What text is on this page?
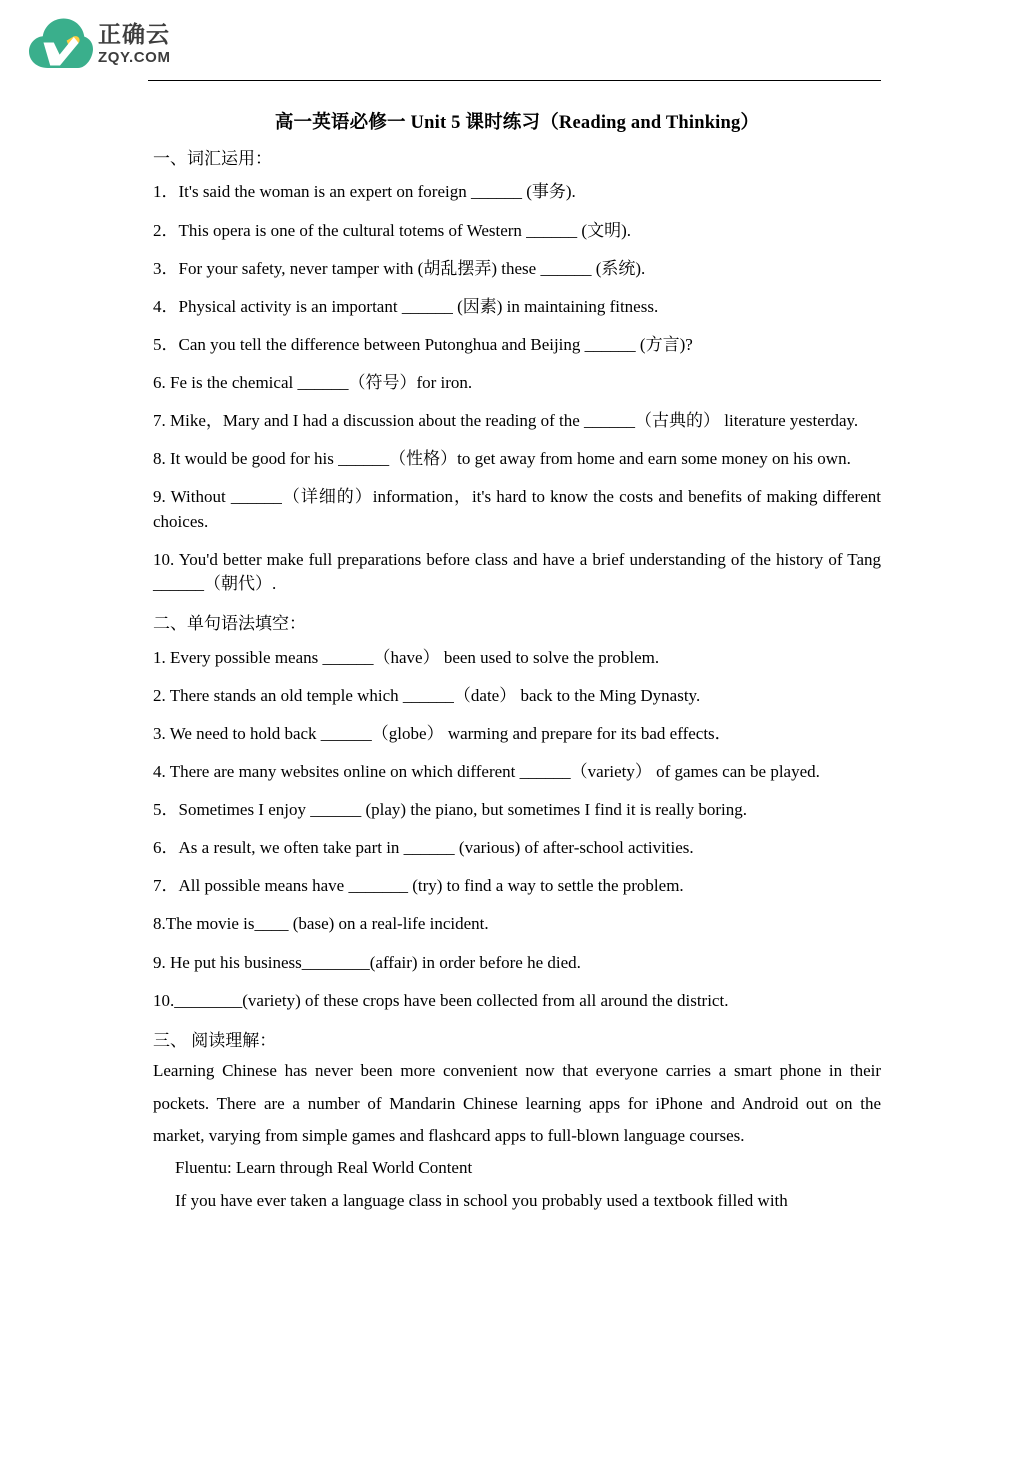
正确云
ZQY.COM
高一英语必修一 Unit 5 课时练习（Reading and Thinking）
一、词汇运用：

1．It's said the woman is an expert on foreign ______ (事务).

2．This opera is one of the cultural totems of Western ______ (文明).

3．For your safety, never tamper with (胡乱摆弄) these ______ (系统).

4．Physical activity is an important ______ (因素) in maintaining fitness.

5．Can you tell the difference between Putonghua and Beijing ______ (方言)?

6. Fe is the chemical ______（符号）for iron.

7. Mike，Mary and I had a discussion about the reading of the ______（古典的） literature yesterday.

8. It would be good for his ______（性格）to get away from home and earn some money on his own.

9. Without ______（详细的）information，it's hard to know the costs and benefits of making different choices.

10. You'd better make full preparations before class and have a brief understanding of the history of Tang ______（朝代）.

二、单句语法填空：

1. Every possible means ______（have） been used to solve the problem.

2. There stands an old temple which ______（date） back to the Ming Dynasty.

3. We need to hold back ______（globe） warming and prepare for its bad effects．

4. There are many websites online on which different ______（variety） of games can be played.

5．Sometimes I enjoy ______ (play) the piano, but sometimes I find it is really boring.

6．As a result, we often take part in ______ (various) of after-school activities.

7．All possible means have _______ (try) to find a way to settle the problem.

8.The movie is____ (base) on a real-life incident.

9. He put his business________(affair) in order before he died.

10.________(variety) of these crops have been collected from all around the district.

三、 阅读理解：

Learning Chinese has never been more convenient now that everyone carries a smart phone in their pockets. There are a number of Mandarin Chinese learning apps for iPhone and Android out on the market, varying from simple games and flashcard apps to full-blown language courses.

Fluentu: Learn through Real World Content

If you have ever taken a language class in school you probably used a textbook filled with
